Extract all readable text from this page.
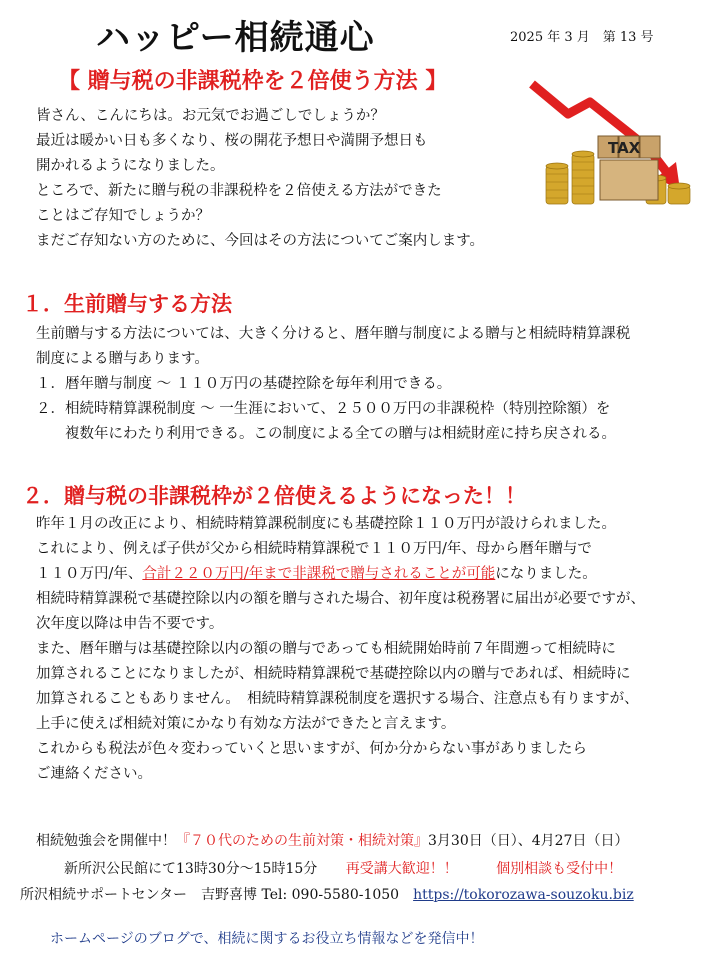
ハッピー相続通心	2025 年 3 月　第 13 号
【 贈与税の非課税枠を２倍使う方法 】
TAX
皆さん、こんにちは。お元気でお過ごしでしょうか？
最近は暖かい日も多くなり、桜の開花予想日や満開予想日も
開かれるようになりました。
ところで、新たに贈与税の非課税枠を２倍使える方法ができた
ことはご存知でしょうか？
まだご存知ない方のために、今回はその方法についてご案内します。
１．生前贈与する方法
生前贈与する方法については、大きく分けると、暦年贈与制度による贈与と相続時精算課税
制度による贈与あります。
１．暦年贈与制度 〜 １１０万円の基礎控除を毎年利用できる。
２．相続時精算課税制度 〜 一生涯において、２５００万円の非課税枠（特別控除額）を
　　複数年にわたり利用できる。この制度による全ての贈与は相続財産に持ち戻される。
２．贈与税の非課税枠が２倍使えるようになった！！
昨年１月の改正により、相続時精算課税制度にも基礎控除１１０万円が設けられました。
これにより、例えば子供が父から相続時精算課税で１１０万円/年、母から暦年贈与で
１１０万円/年、合計２２０万円/年まで非課税で贈与されることが可能になりました。
相続時精算課税で基礎控除以内の額を贈与された場合、初年度は税務署に届出が必要ですが、
次年度以降は申告不要です。
また、暦年贈与は基礎控除以内の額の贈与であっても相続開始時前７年間遡って相続時に
加算されることになりましたが、相続時精算課税で基礎控除以内の贈与であれば、相続時に
加算されることもありません。　相続時精算課税制度を選択する場合、注意点も有りますが、
上手に使えば相続対策にかなり有効な方法ができたと言えます。
これからも税法が色々変わっていくと思いますが、何か分からない事がありましたら
ご連絡ください。
相続勉強会を開催中！『７０代のための生前対策・相続対策』3月30日（日）、4月27日（日）
新所沢公民館にて13時30分～15時15分 再受講大歓迎！！	個別相談も受付中！
所沢相続サポートセンター　吉野喜博 Tel: 090-5580-1050 https://tokorozawa-souzoku.biz
ホームページのブログで、相続に関するお役立ち情報などを発信中！
